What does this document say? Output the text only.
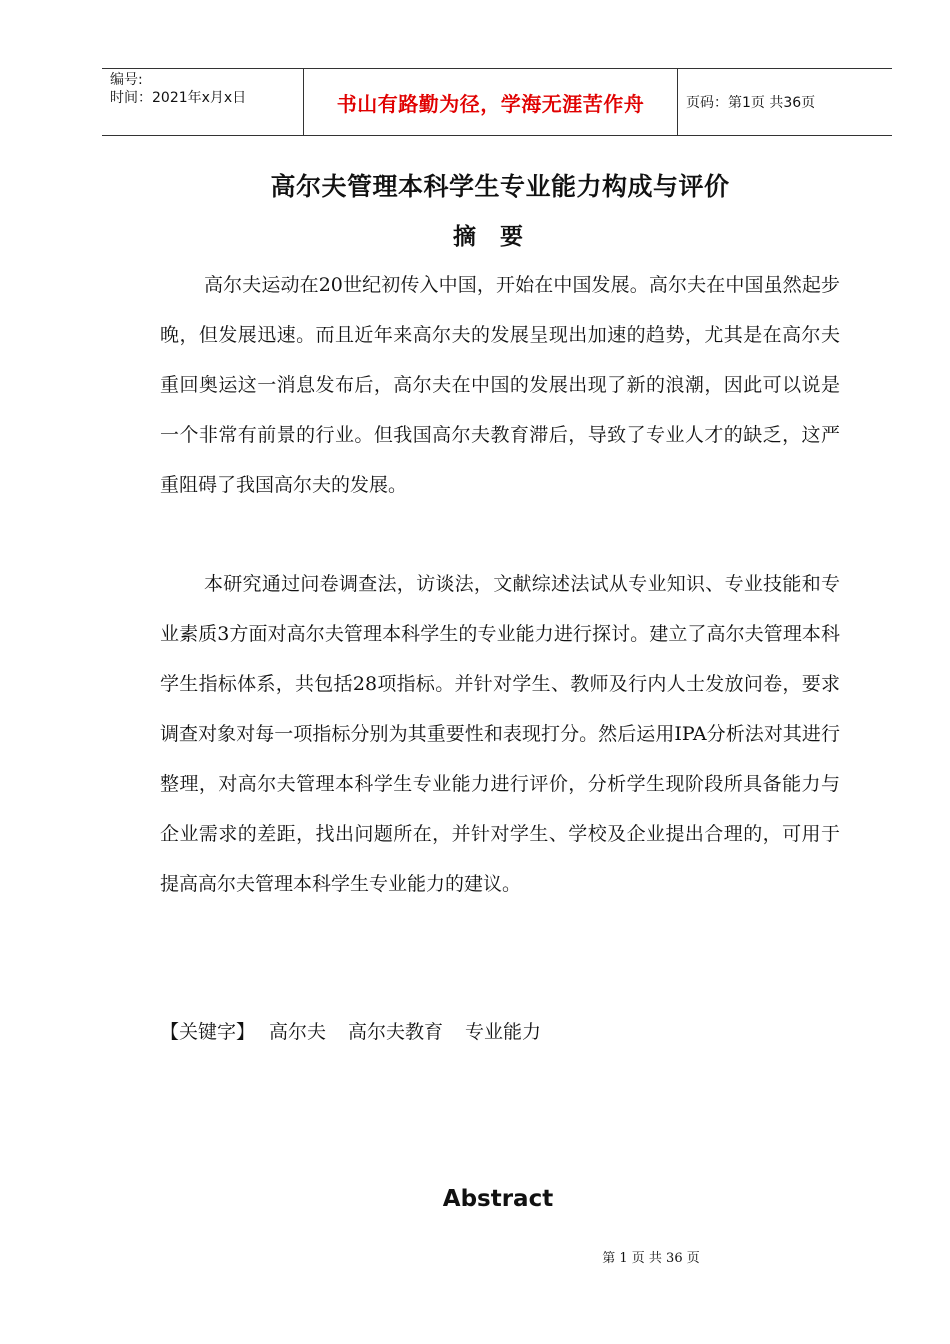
编号:
时间：2021年x月x日	书山有路勤为径，学海无涯苦作舟	页码：第1页 共36页
高尔夫管理本科学生专业能力构成与评价
摘要

高尔夫运动在20世纪初传入中国，开始在中国发展。高尔夫在中国虽然起步晚，但发展迅速。而且近年来高尔夫的发展呈现出加速的趋势，尤其是在高尔夫重回奥运这一消息发布后，高尔夫在中国的发展出现了新的浪潮，因此可以说是一个非常有前景的行业。但我国高尔夫教育滞后，导致了专业人才的缺乏，这严重阻碍了我国高尔夫的发展。

本研究通过问卷调查法，访谈法，文献综述法试从专业知识、专业技能和专业素质3方面对高尔夫管理本科学生的专业能力进行探讨。建立了高尔夫管理本科学生指标体系，共包括28项指标。并针对学生、教师及行内人士发放问卷，要求调查对象对每一项指标分别为其重要性和表现打分。然后运用IPA分析法对其进行整理，对高尔夫管理本科学生专业能力进行评价，分析学生现阶段所具备能力与企业需求的差距，找出问题所在，并针对学生、学校及企业提出合理的，可用于提高高尔夫管理本科学生专业能力的建议。

【关键字】 高尔夫 高尔夫教育 专业能力
Abstract
第 1 页 共 36 页
